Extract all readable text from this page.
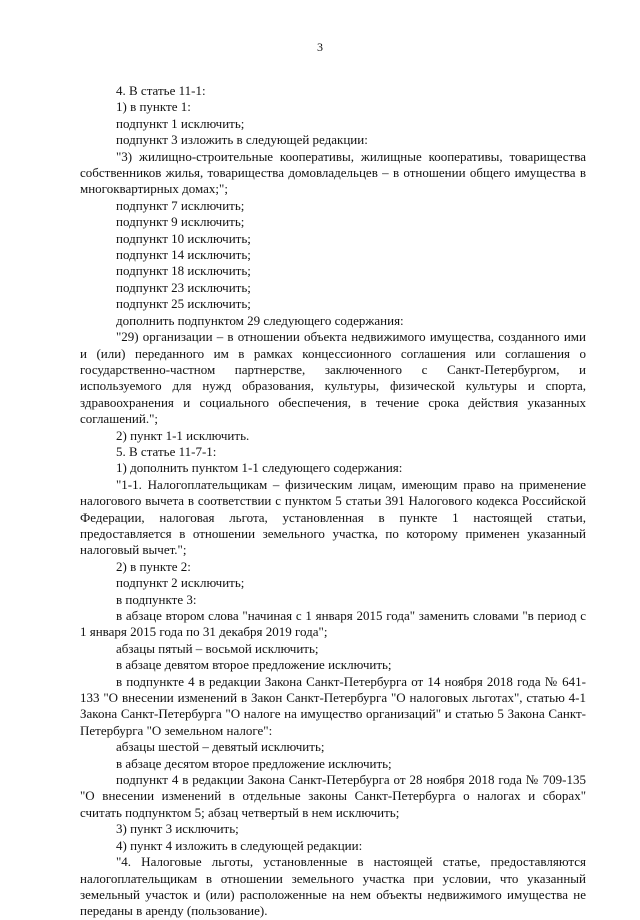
3

4. В статье 11-1:

1) в пункте 1:

подпункт 1 исключить;

подпункт 3 изложить в следующей редакции:

"3) жилищно-строительные кооперативы, жилищные кооперативы, товарищества собственников жилья, товарищества домовладельцев – в отношении общего имущества в многоквартирных домах;";

подпункт 7 исключить;

подпункт 9 исключить;

подпункт 10 исключить;

подпункт 14 исключить;

подпункт 18 исключить;

подпункт 23 исключить;

подпункт 25 исключить;

дополнить подпунктом 29 следующего содержания:

"29) организации – в отношении объекта недвижимого имущества, созданного ими и (или) переданного им в рамках концессионного соглашения или соглашения о государственно-частном партнерстве, заключенного с Санкт-Петербургом, и используемого для нужд образования, культуры, физической культуры и спорта, здравоохранения и социального обеспечения, в течение срока действия указанных соглашений.";

2) пункт 1-1 исключить.

5. В статье 11-7-1:

1) дополнить пунктом 1-1 следующего содержания:

"1-1. Налогоплательщикам – физическим лицам, имеющим право на применение налогового вычета в соответствии с пунктом 5 статьи 391 Налогового кодекса Российской Федерации, налоговая льгота, установленная в пункте 1 настоящей статьи, предоставляется в отношении земельного участка, по которому применен указанный налоговый вычет.";

2) в пункте 2:

подпункт 2 исключить;

в подпункте 3:

в абзаце втором слова "начиная с 1 января 2015 года" заменить словами "в период с 1 января 2015 года по 31 декабря 2019 года";

абзацы пятый – восьмой исключить;

в абзаце девятом второе предложение исключить;

в подпункте 4 в редакции Закона Санкт-Петербурга от 14 ноября 2018 года № 641-133 "О внесении изменений в Закон Санкт-Петербурга "О налоговых льготах", статью 4-1 Закона Санкт-Петербурга "О налоге на имущество организаций" и статью 5 Закона Санкт-Петербурга "О земельном налоге":

абзацы шестой – девятый исключить;

в абзаце десятом второе предложение исключить;

подпункт 4 в редакции Закона Санкт-Петербурга от 28 ноября 2018 года № 709-135 "О внесении изменений в отдельные законы Санкт-Петербурга о налогах и сборах" считать подпунктом 5; абзац четвертый в нем исключить;

3) пункт 3 исключить;

4) пункт 4 изложить в следующей редакции:

"4. Налоговые льготы, установленные в настоящей статье, предоставляются налогоплательщикам в отношении земельного участка при условии, что указанный земельный участок и (или) расположенные на нем объекты недвижимого имущества не переданы в аренду (пользование).
